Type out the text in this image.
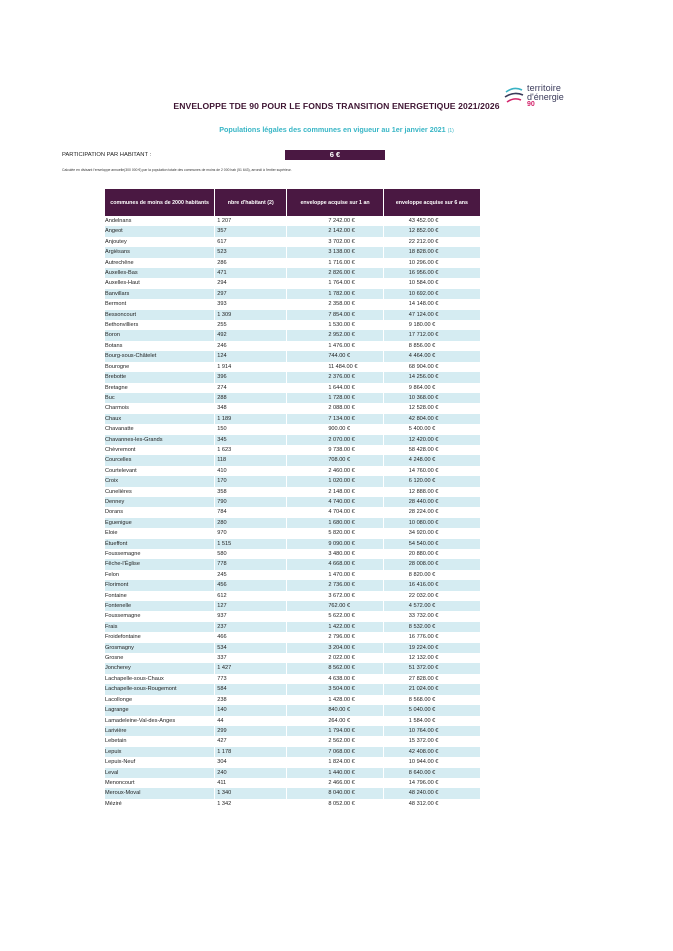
territoire
d'énergie
90
ENVELOPPE TDE 90 POUR LE FONDS TRANSITION ENERGETIQUE 2021/2026
Populations légales des communes en vigueur au 1er janvier 2021 (1)
PARTICIPATION PAR HABITANT :	6 €
Calculée en divisant l'enveloppe annuelle(300 000 €) par la population totale des communes de moins de 2 000 hab (51 643), arrondi à l'entier supérieur.
communes de moins de 2000 habitants	nbre d'habitant (2)	enveloppe acquise sur 1 an	enveloppe acquise sur 6 ans
Andelnans	1 207	7 242.00 €	43 452.00 €
Angeot	357	2 142.00 €	12 852.00 €
Anjoutey	617	3 702.00 €	22 212.00 €
Argiésans	523	3 138.00 €	18 828.00 €
Autrechêne	286	1 716.00 €	10 296.00 €
Auxelles-Bas	471	2 826.00 €	16 956.00 €
Auxelles-Haut	294	1 764.00 €	10 584.00 €
Banvillars	297	1 782.00 €	10 692.00 €
Bermont	393	2 358.00 €	14 148.00 €
Bessoncourt	1 309	7 854.00 €	47 124.00 €
Bethonvilliers	255	1 530.00 €	9 180.00 €
Boron	492	2 952.00 €	17 712.00 €
Botans	246	1 476.00 €	8 856.00 €
Bourg-sous-Châtelet	124	744.00 €	4 464.00 €
Bourogne	1 914	11 484.00 €	68 904.00 €
Brebotte	396	2 376.00 €	14 256.00 €
Bretagne	274	1 644.00 €	9 864.00 €
Buc	288	1 728.00 €	10 368.00 €
Charmois	348	2 088.00 €	12 528.00 €
Chaux	1 189	7 134.00 €	42 804.00 €
Chavanatte	150	900.00 €	5 400.00 €
Chavannes-les-Grands	345	2 070.00 €	12 420.00 €
Chèvremont	1 623	9 738.00 €	58 428.00 €
Courcelles	118	708.00 €	4 248.00 €
Courtelevant	410	2 460.00 €	14 760.00 €
Croix	170	1 020.00 €	6 120.00 €
Cunelières	358	2 148.00 €	12 888.00 €
Denney	790	4 740.00 €	28 440.00 €
Dorans	784	4 704.00 €	28 224.00 €
Eguenigue	280	1 680.00 €	10 080.00 €
Eloie	970	5 820.00 €	34 920.00 €
Étueffont	1 515	9 090.00 €	54 540.00 €
Foussemagne	580	3 480.00 €	20 880.00 €
Fêche-l'Église	778	4 668.00 €	28 008.00 €
Felon	245	1 470.00 €	8 820.00 €
Florimont	456	2 736.00 €	16 416.00 €
Fontaine	612	3 672.00 €	22 032.00 €
Fontenelle	127	762.00 €	4 572.00 €
Foussemagne	937	5 622.00 €	33 732.00 €
Frais	237	1 422.00 €	8 532.00 €
Froidefontaine	466	2 796.00 €	16 776.00 €
Grosmagny	534	3 204.00 €	19 224.00 €
Grosne	337	2 022.00 €	12 132.00 €
Joncherey	1 427	8 562.00 €	51 372.00 €
Lachapelle-sous-Chaux	773	4 638.00 €	27 828.00 €
Lachapelle-sous-Rougemont	584	3 504.00 €	21 024.00 €
Lacollonge	238	1 428.00 €	8 568.00 €
Lagrange	140	840.00 €	5 040.00 €
Lamadeleine-Val-des-Anges	44	264.00 €	1 584.00 €
Larivière	299	1 794.00 €	10 764.00 €
Lebetain	427	2 562.00 €	15 372.00 €
Lepuix	1 178	7 068.00 €	42 408.00 €
Lepuix-Neuf	304	1 824.00 €	10 944.00 €
Leval	240	1 440.00 €	8 640.00 €
Menoncourt	411	2 466.00 €	14 796.00 €
Meroux-Moval	1 340	8 040.00 €	48 240.00 €
Méziré	1 342	8 052.00 €	48 312.00 €
